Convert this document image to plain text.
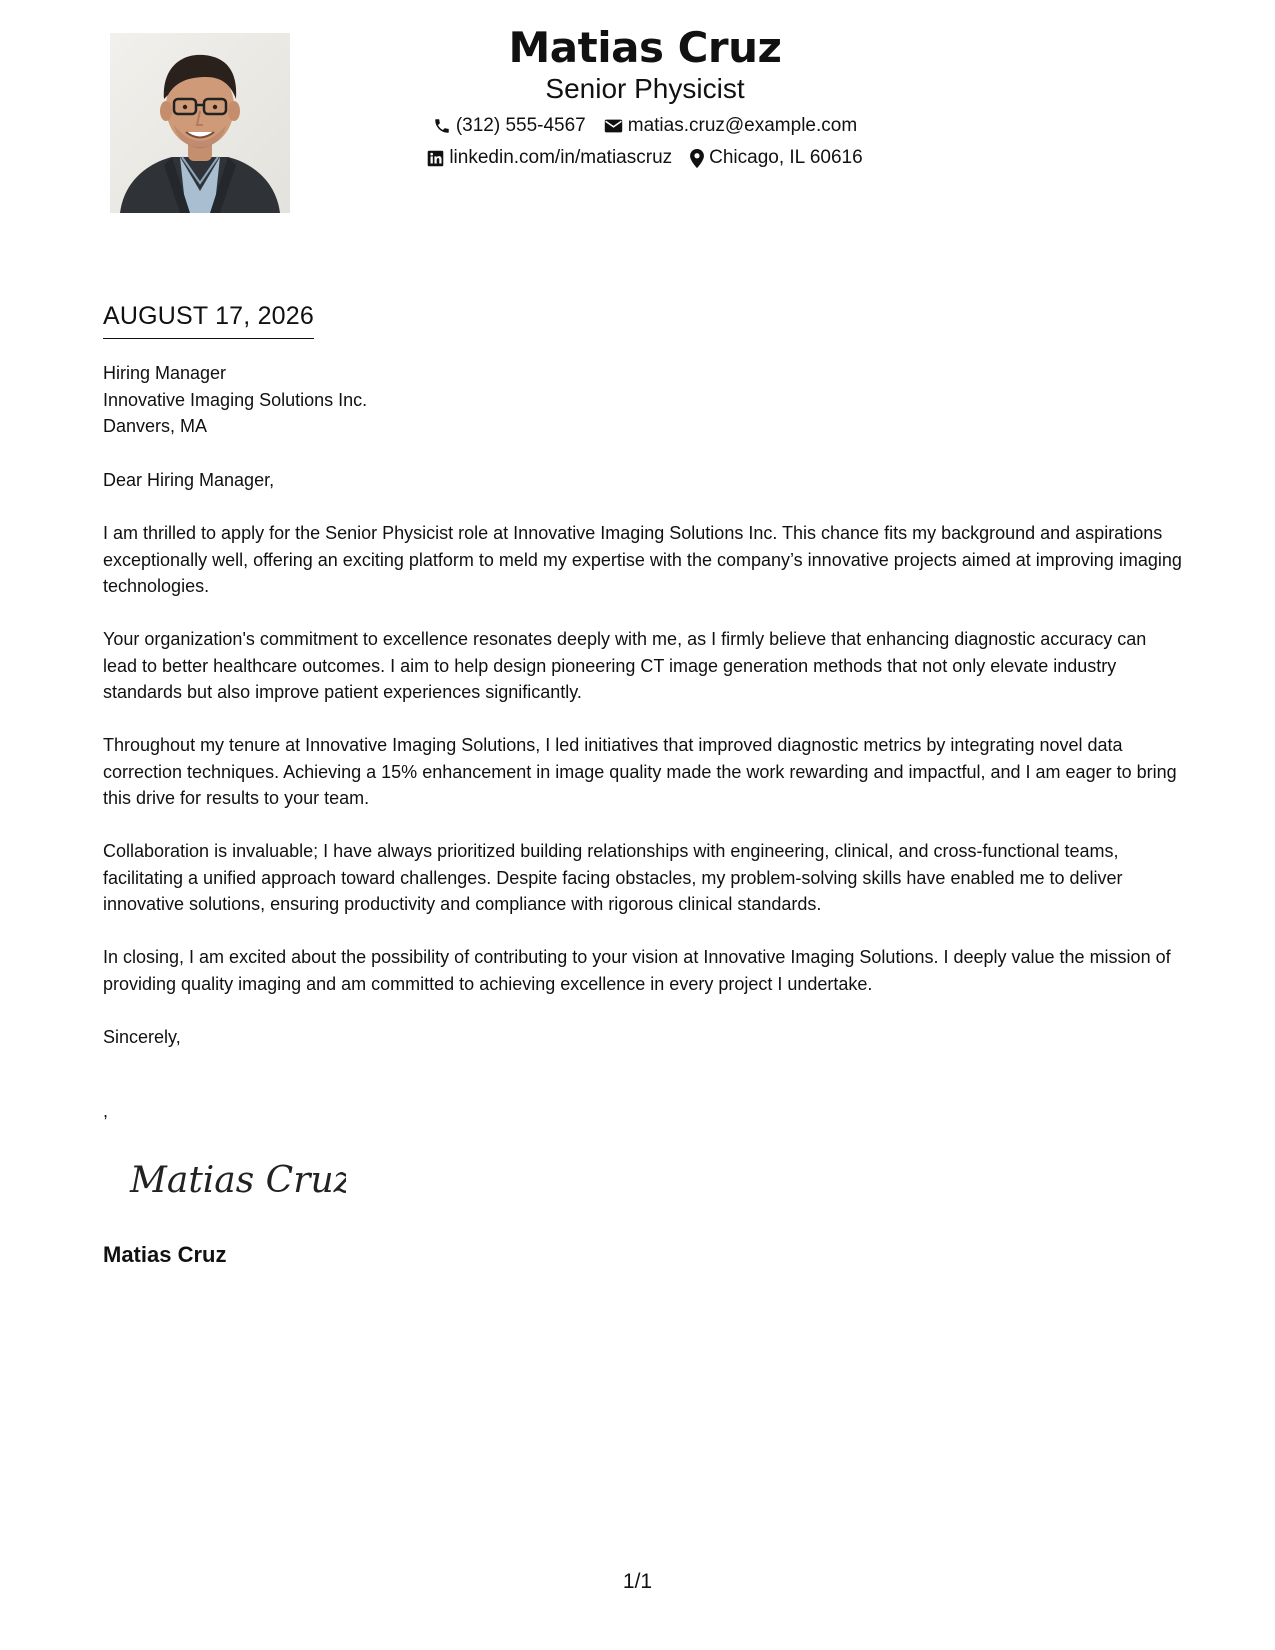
Matias Cruz
Senior Physicist
(312) 555-4567 matias.cruz@example.com
linkedin.com/in/matiascruz Chicago, IL 60616
AUGUST 17, 2026
Hiring Manager
Innovative Imaging Solutions Inc.
Danvers, MA

Dear Hiring Manager,

I am thrilled to apply for the Senior Physicist role at Innovative Imaging Solutions Inc. This chance fits my background and aspirations exceptionally well, offering an exciting platform to meld my expertise with the company’s innovative projects aimed at improving imaging technologies.

Your organization's commitment to excellence resonates deeply with me, as I firmly believe that enhancing diagnostic accuracy can lead to better healthcare outcomes. I aim to help design pioneering CT image generation methods that not only elevate industry standards but also improve patient experiences significantly.

Throughout my tenure at Innovative Imaging Solutions, I led initiatives that improved diagnostic metrics by integrating novel data correction techniques. Achieving a 15% enhancement in image quality made the work rewarding and impactful, and I am eager to bring this drive for results to your team.

Collaboration is invaluable; I have always prioritized building relationships with engineering, clinical, and cross-functional teams, facilitating a unified approach toward challenges. Despite facing obstacles, my problem-solving skills have enabled me to deliver innovative solutions, ensuring productivity and compliance with rigorous clinical standards.

In closing, I am excited about the possibility of contributing to your vision at Innovative Imaging Solutions. I deeply value the mission of providing quality imaging and am committed to achieving excellence in every project I undertake.

Sincerely,

,
Matias Cruz
Matias Cruz
1/1
